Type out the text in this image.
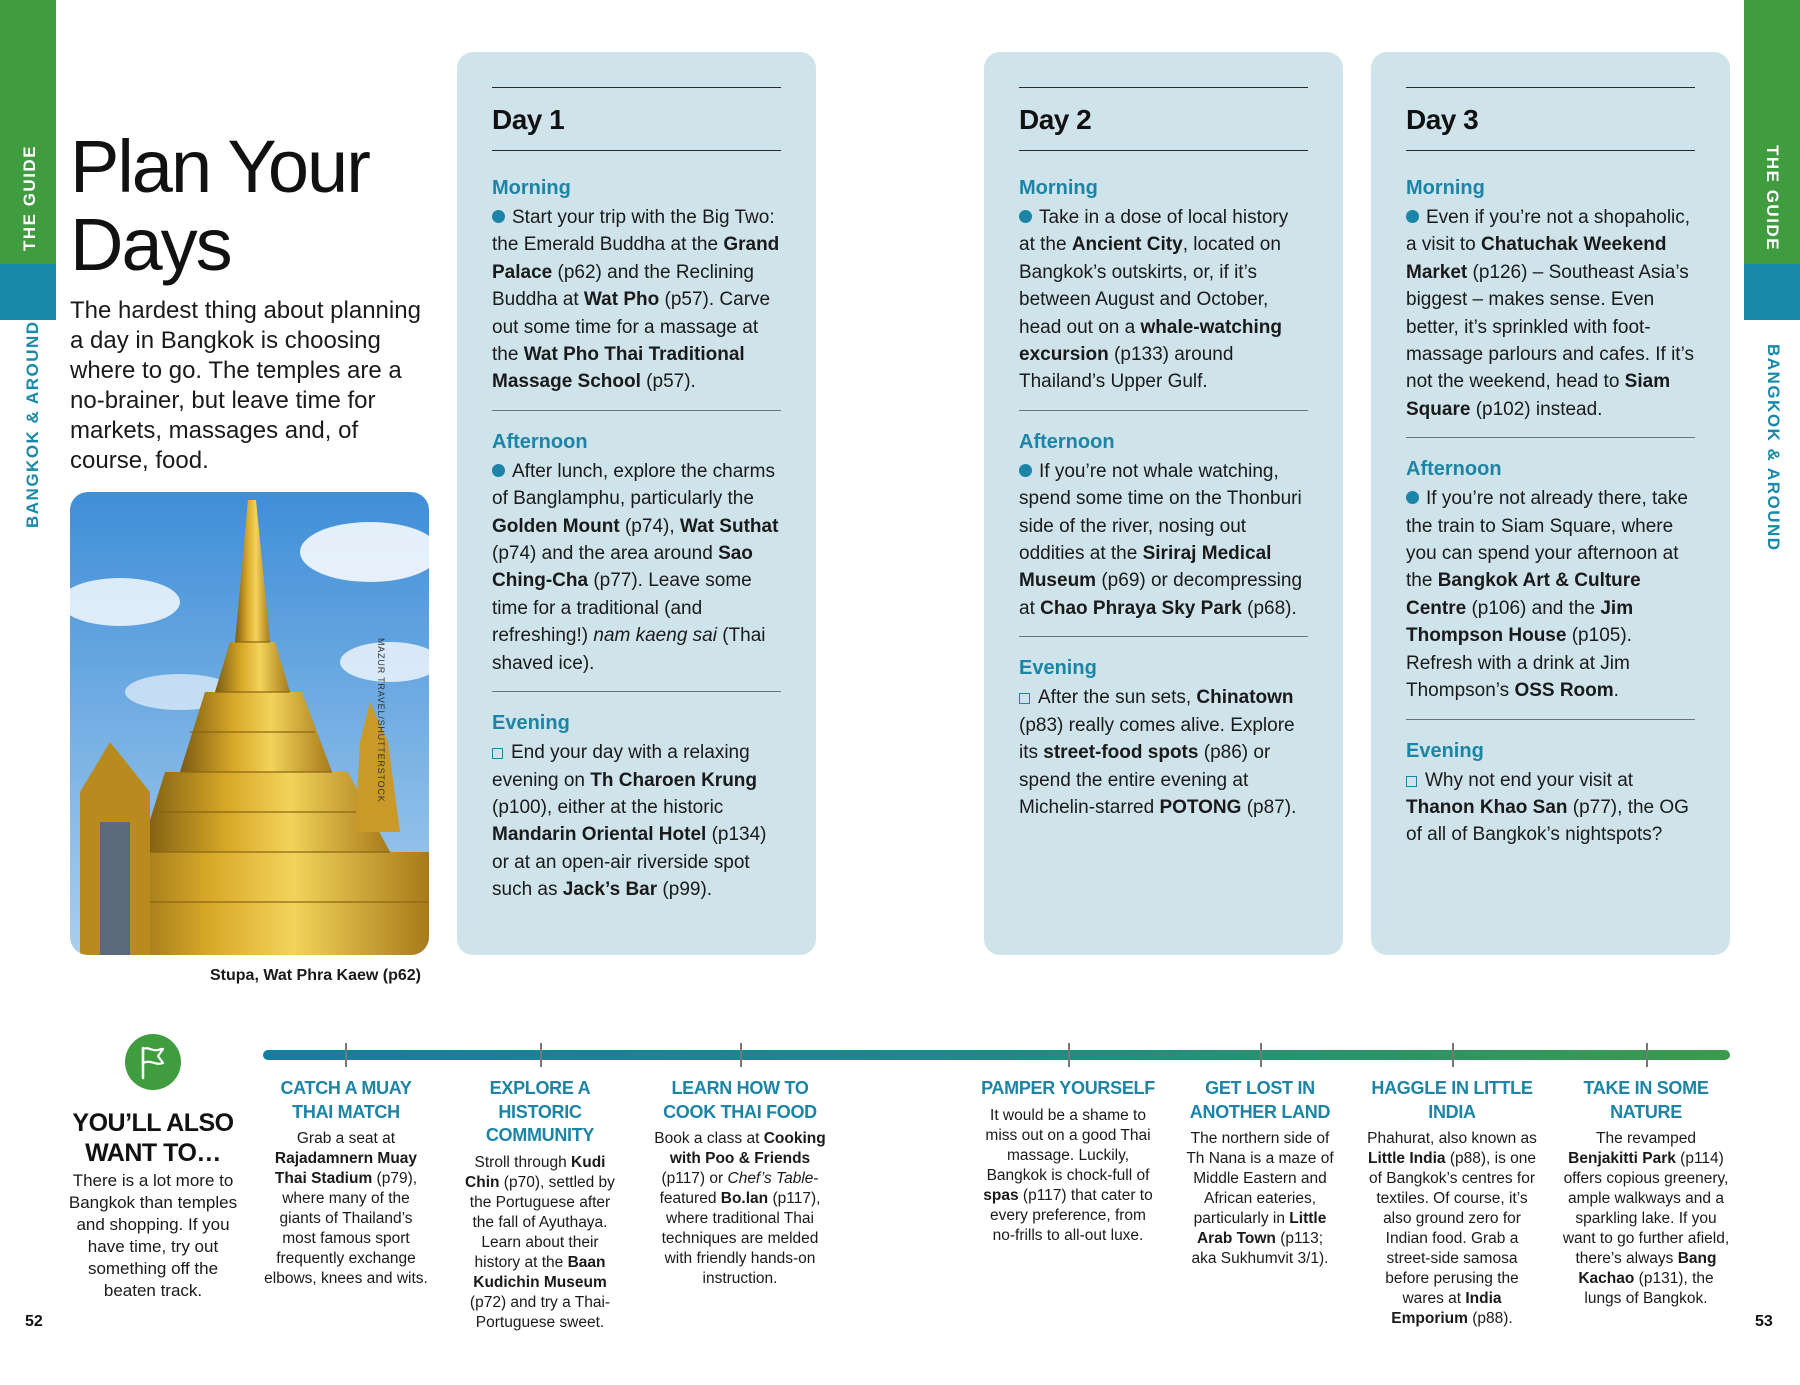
THE GUIDE
BANGKOK & AROUND
THE GUIDE
BANGKOK & AROUND
Plan Your
Days
The hardest thing about planning a day in Bangkok is choosing where to go. The temples are a no-brainer, but leave time for markets, massages and, of course, food.
MAZUR TRAVEL/SHUTTERSTOCK
Stupa, Wat Phra Kaew (p62)
Day 1
Morning
Start your trip with the Big Two: the Emerald Buddha at the Grand Palace (p62) and the Reclining Buddha at Wat Pho (p57). Carve out some time for a massage at the Wat Pho Thai Traditional Massage School (p57).
Afternoon
After lunch, explore the charms of Banglamphu, particularly the Golden Mount (p74), Wat Suthat (p74) and the area around Sao Ching-Cha (p77). Leave some time for a traditional (and refreshing!) nam kaeng sai (Thai shaved ice).
Evening
End your day with a relaxing evening on Th Charoen Krung (p100), either at the historic Mandarin Oriental Hotel (p134) or at an open-air riverside spot such as Jack’s Bar (p99).
Day 2
Morning
Take in a dose of local history at the Ancient City, located on Bangkok’s outskirts, or, if it’s between August and October, head out on a whale-watching excursion (p133) around Thailand’s Upper Gulf.
Afternoon
If you’re not whale watching, spend some time on the Thonburi side of the river, nosing out oddities at the Siriraj Medical Museum (p69) or decompressing at Chao Phraya Sky Park (p68).
Evening
After the sun sets, Chinatown (p83) really comes alive. Explore its street-food spots (p86) or spend the entire evening at Michelin-starred POTONG (p87).
Day 3
Morning
Even if you’re not a shopaholic, a visit to Chatuchak Weekend Market (p126) – Southeast Asia’s biggest – makes sense. Even better, it’s sprinkled with foot-massage parlours and cafes. If it’s not the weekend, head to Siam Square (p102) instead.
Afternoon
If you’re not already there, take the train to Siam Square, where you can spend your afternoon at the Bangkok Art & Culture Centre (p106) and the Jim Thompson House (p105). Refresh with a drink at Jim Thompson’s OSS Room.
Evening
Why not end your visit at Thanon Khao San (p77), the OG of all of Bangkok’s nightspots?
YOU’LL ALSO WANT TO…
There is a lot more to Bangkok than temples and shopping. If you have time, try out something off the beaten track.
CATCH A MUAY THAI MATCH
Grab a seat at Rajadamnern Muay Thai Stadium (p79), where many of the giants of Thailand’s most famous sport frequently exchange elbows, knees and wits.
EXPLORE A HISTORIC COMMUNITY
Stroll through Kudi Chin (p70), settled by the Portuguese after the fall of Ayuthaya. Learn about their history at the Baan Kudichin Museum (p72) and try a Thai-Portuguese sweet.
LEARN HOW TO COOK THAI FOOD
Book a class at Cooking with Poo & Friends (p117) or Chef’s Table-featured Bo.lan (p117), where traditional Thai techniques are melded with friendly hands-on instruction.
PAMPER YOURSELF
It would be a shame to miss out on a good Thai massage. Luckily, Bangkok is chock-full of spas (p117) that cater to every preference, from no-frills to all-out luxe.
GET LOST IN ANOTHER LAND
The northern side of Th Nana is a maze of Middle Eastern and African eateries, particularly in Little Arab Town (p113; aka Sukhumvit 3/1).
HAGGLE IN LITTLE INDIA
Phahurat, also known as Little India (p88), is one of Bangkok’s centres for textiles. Of course, it’s also ground zero for Indian food. Grab a street-side samosa before perusing the wares at India Emporium (p88).
TAKE IN SOME NATURE
The revamped Benjakitti Park (p114) offers copious greenery, ample walkways and a sparkling lake. If you want to go further afield, there’s always Bang Kachao (p131), the lungs of Bangkok.
52	53
